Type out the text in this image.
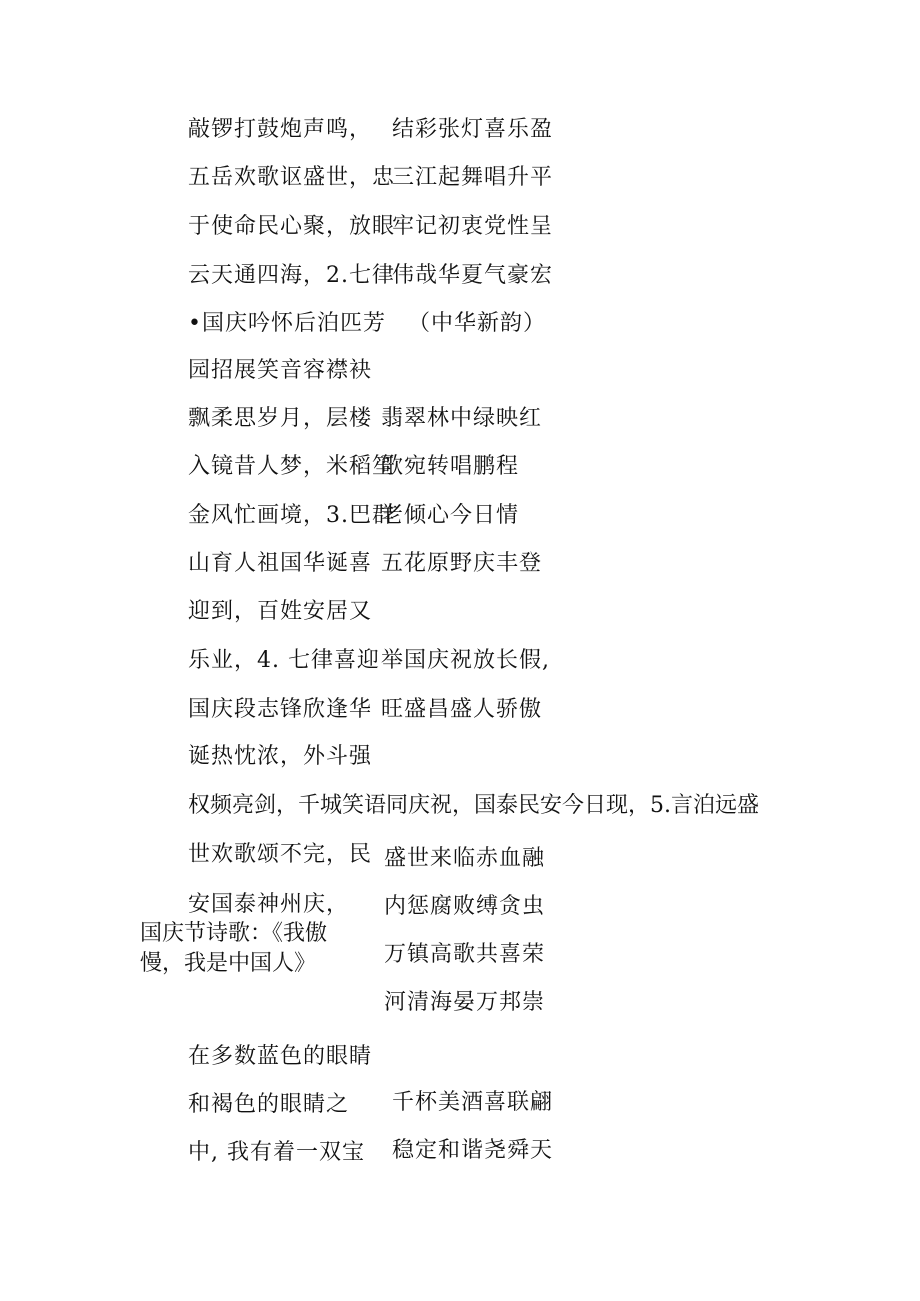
敲锣打鼓炮声鸣，
五岳欢歌讴盛世，忠
于使命民心聚，放眼
云天通四海，2.七律
•国庆吟怀后泊匹芳
园招展笑音容襟袂
飘柔思岁月，层楼
入镜昔人梦，米稻笙
金风忙画境，3.巴群
山育人祖国华诞喜
迎到，百姓安居又
乐业，4. 七律喜迎
国庆段志锋欣逢华
诞热忱浓，外斗强
权频亮剑，千城笑语同庆祝，国泰民安今日现，5.言泊远盛
世欢歌颂不完，民
安国泰神州庆，
国庆节诗歌：《我傲
慢，我是中国人》
在多数蓝色的眼睛
和褐色的眼睛之
中, 我有着一双宝
结彩张灯喜乐盈
三江起舞唱升平
牢记初衷党性呈
伟哉华夏气豪宏
（中华新韵）
翡翠林中绿映红
歌宛转唱鹏程
老倾心今日情
五花原野庆丰登
举国庆祝放长假,
旺盛昌盛人骄傲
盛世来临赤血融
内惩腐败缚贪虫
万镇高歌共喜荣
河清海晏万邦崇
千杯美酒喜联翩
稳定和谐尧舜天
